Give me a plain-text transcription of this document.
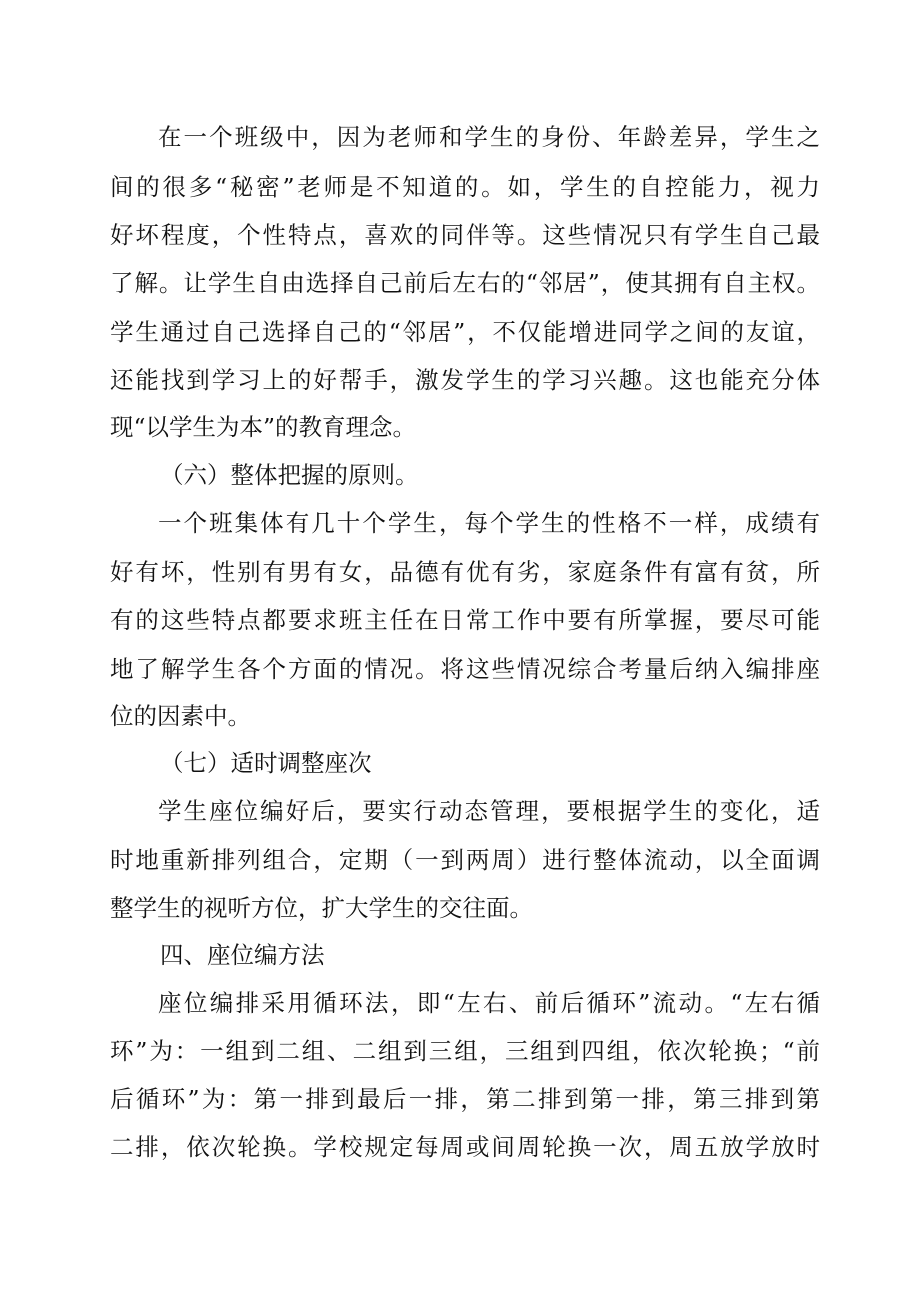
在一个班级中，因为老师和学生的身份、年龄差异，学生之
间的很多“秘密”老师是不知道的。如，学生的自控能力，视力
好坏程度，个性特点，喜欢的同伴等。这些情况只有学生自己最
了解。让学生自由选择自己前后左右的“邻居”，使其拥有自主权。
学生通过自己选择自己的“邻居”，不仅能增进同学之间的友谊，
还能找到学习上的好帮手，激发学生的学习兴趣。这也能充分体
现“以学生为本”的教育理念。
（六）整体把握的原则。
一个班集体有几十个学生，每个学生的性格不一样，成绩有
好有坏，性别有男有女，品德有优有劣，家庭条件有富有贫，所
有的这些特点都要求班主任在日常工作中要有所掌握，要尽可能
地了解学生各个方面的情况。将这些情况综合考量后纳入编排座
位的因素中。
（七）适时调整座次
学生座位编好后，要实行动态管理，要根据学生的变化，适
时地重新排列组合，定期（一到两周）进行整体流动，以全面调
整学生的视听方位，扩大学生的交往面。
四、座位编方法
座位编排采用循环法，即“左右、前后循环”流动。“左右循
环”为：一组到二组、二组到三组，三组到四组，依次轮换；“前
后循环”为：第一排到最后一排，第二排到第一排，第三排到第
二排，依次轮换。学校规定每周或间周轮换一次，周五放学放时
